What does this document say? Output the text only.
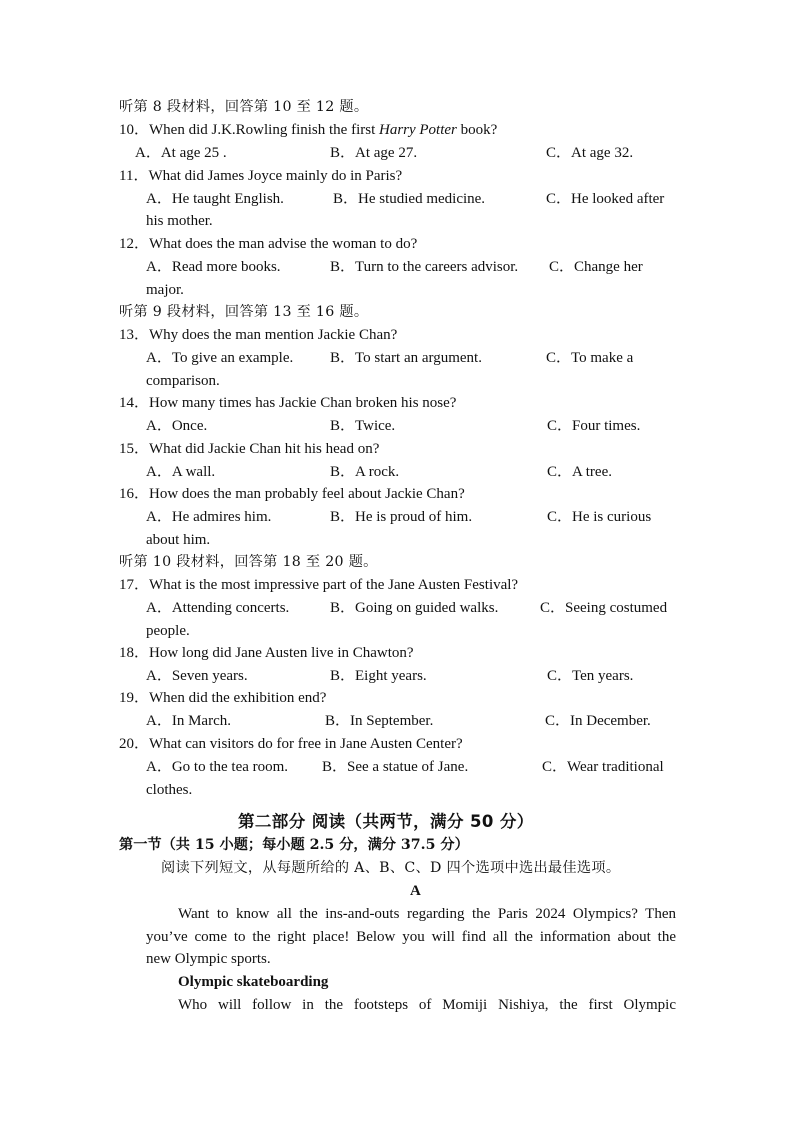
听第 8 段材料，回答第 10 至 12 题。
10．When did J.K.Rowling finish the first Harry Potter book?
A．At age 25 .	B．At age 27.	C．At age 32.
11．What did James Joyce mainly do in Paris?
A．He taught English.	B．He studied medicine.	C．He looked after
his mother.
12．What does the man advise the woman to do?
A．Read more books.	B．Turn to the careers advisor. C．Change her
major.
听第 9 段材料，回答第 13 至 16 题。
13．Why does the man mention Jackie Chan?
A．To give an example. B．To start an argument.	C．To make a
comparison.
14．How many times has Jackie Chan broken his nose?
A．Once.	B．Twice.	C．Four times.
15．What did Jackie Chan hit his head on?
A．A wall.	B．A rock.	C．A tree.
16．How does the man probably feel about Jackie Chan?
A．He admires him.	B．He is proud of him.	C．He is curious
about him.
听第 10 段材料，回答第 18 至 20 题。
17．What is the most impressive part of the Jane Austen Festival?
A．Attending concerts.	B．Going on guided walks.	C．Seeing costumed
people.
18．How long did Jane Austen live in Chawton?
A．Seven years.	B．Eight years.	C．Ten years.
19．When did the exhibition end?
A．In March.	B．In September.	C．In December.
20．What can visitors do for free in Jane Austen Center?
A．Go to the tea room. B．See a statue of Jane.	C．Wear traditional
clothes.
第二部分 阅读（共两节，满分 50 分）
第一节（共 15 小题；每小题 2.5 分，满分 37.5 分）
阅读下列短文，从每题所给的 A、B、C、D 四个选项中选出最佳选项。
A
Want to know all the ins-and-outs regarding the Paris 2024 Olympics? Then
you’ve come to the right place! Below you will find all the information about the
new Olympic sports.
Olympic skateboarding
Who will follow in the footsteps of Momiji Nishiya, the first Olympic
